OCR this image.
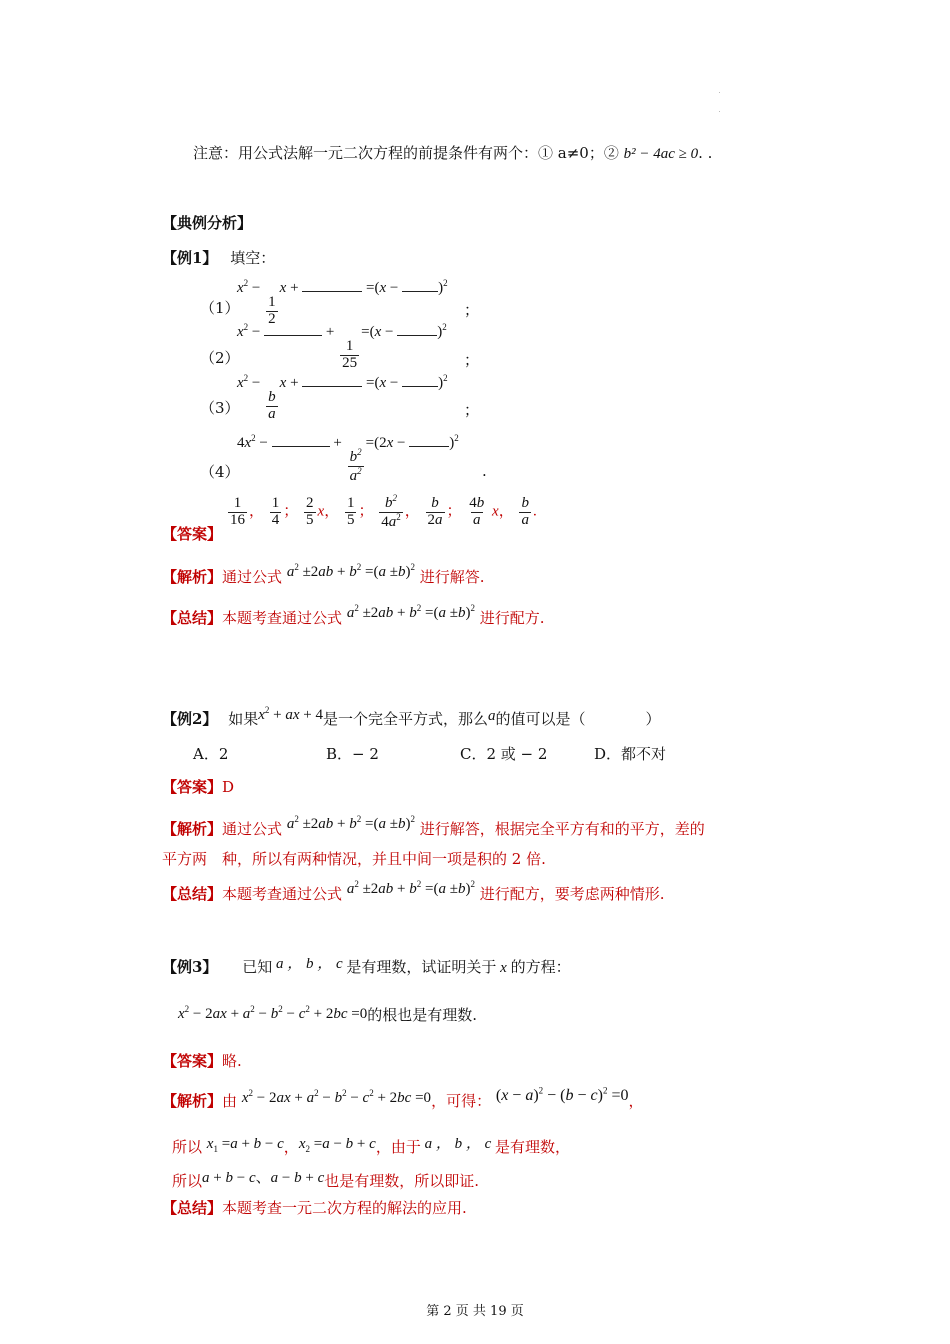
注意：用公式法解一元二次方程的前提条件有两个：① a≠0；② b² − 4ac ≥ 0. .
【典例分析】
【例1】 填空：
（1）
$x^2$ −
$\frac{1}{2}$
x +	$=(x - )^2$
；
（2）
$x^2$ −	+
$\frac{1}{25}$
=(x −	)$^2$
；
（3）
$x^2$ −
$\frac{b}{a}$
x +	$=(x - )^2$
；
（4）
$4x^2$ −	+
$\frac{b^2}{a^2}$
=(2x −	)$^2$
.
【答案】
$\frac{1}{16}$ ， $\frac{1}{4}$ ； $\frac{2}{5}$ x， $\frac{1}{5}$ ； $\frac{b^2}{4a^2}$ ， $\frac{b}{2a}$ ； $\frac{4b}{a}$ x， $\frac{b}{a}$ .
【解析】通过公式 $a^2 \pm 2ab + b^2 =(a \pm b)^2$ 进行解答.
【总结】本题考查通过公式 $a^2 \pm 2ab + b^2 =(a \pm b)^2$ 进行配方.
【例2】 如果$x^2$ + ax + 4是一个完全平方式，那么a的值可以是（　　　　）
A．2	B．− 2	C．2 或 − 2	D．都不对
【答案】D
【解析】通过公式 $a^2 \pm 2ab + b^2 =(a \pm b)^2$ 进行解答，根据完全平方有和的平方，差的
平方两　种，所以有两种情况，并且中间一项是积的 2 倍.
【总结】本题考查通过公式 $a^2 \pm 2ab + b^2 =(a \pm b)^2$ 进行配方，要考虑两种情形.
【例3】 已知 a ， b ， c 是有理数，试证明关于 x 的方程：
$x^2 - 2ax + a^2 - b^2 - c^2 + 2bc =0$的根也是有理数.
【答案】略.
【解析】由 $x^2 - 2ax + a^2 - b^2 - c^2 + 2bc =0$，可得： $(x - a)^2 - (b - c)^2 =0$，
所以 $x_1 =a + b - c$，$x_2 =a - b + c$，由于 a ， b ， c 是有理数，
所以a + b − c、a − b + c也是有理数，所以即证.
【总结】本题考查一元二次方程的解法的应用.
第 2 页 共 19 页
